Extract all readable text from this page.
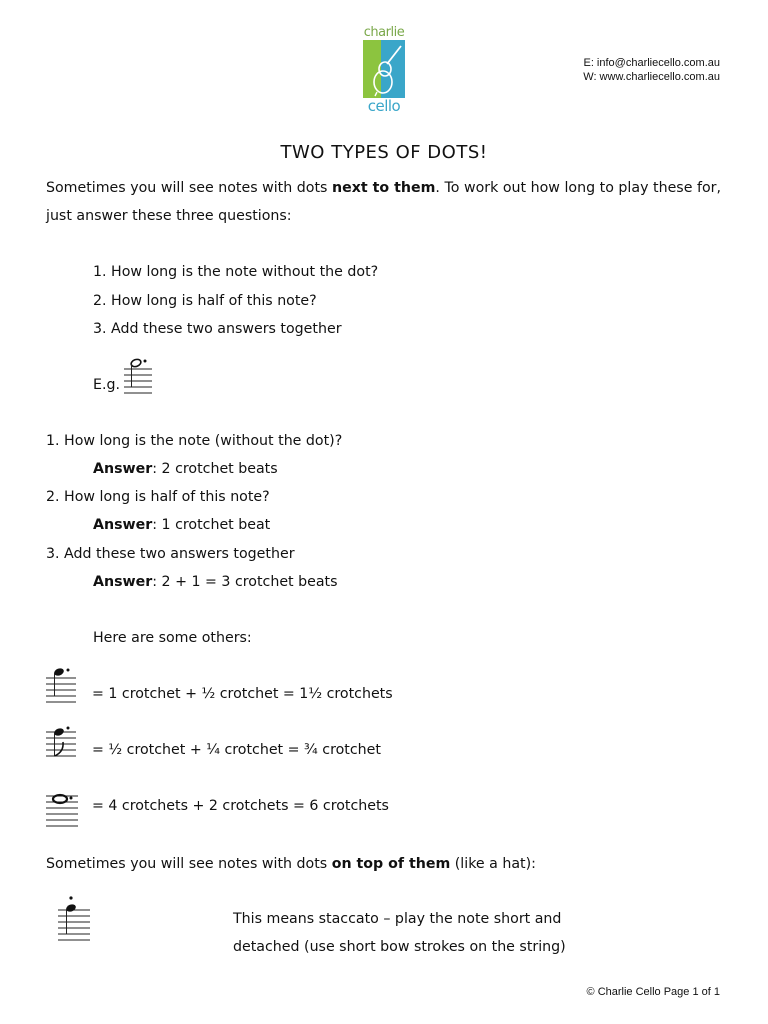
charlie
cello
E: info@charliecello.com.au
W: www.charliecello.com.au
TWO TYPES OF DOTS!
Sometimes you will see notes with dots next to them. To work out how long to play these for, just answer these three questions:
1. How long is the note without the dot?
2. How long is half of this note?
3. Add these two answers together
E.g.
1. How long is the note (without the dot)?
Answer: 2 crotchet beats
2. How long is half of this note?
Answer: 1 crotchet beat
3. Add these two answers together
Answer: 2 + 1 = 3 crotchet beats
Here are some others:
= 1 crotchet + ½ crotchet = 1½ crotchets
= ½ crotchet + ¼ crotchet = ¾ crotchet
= 4 crotchets + 2 crotchets = 6 crotchets
Sometimes you will see notes with dots on top of them (like a hat):
This means staccato – play the note short and
detached (use short bow strokes on the string)
© Charlie Cello Page 1 of 1
